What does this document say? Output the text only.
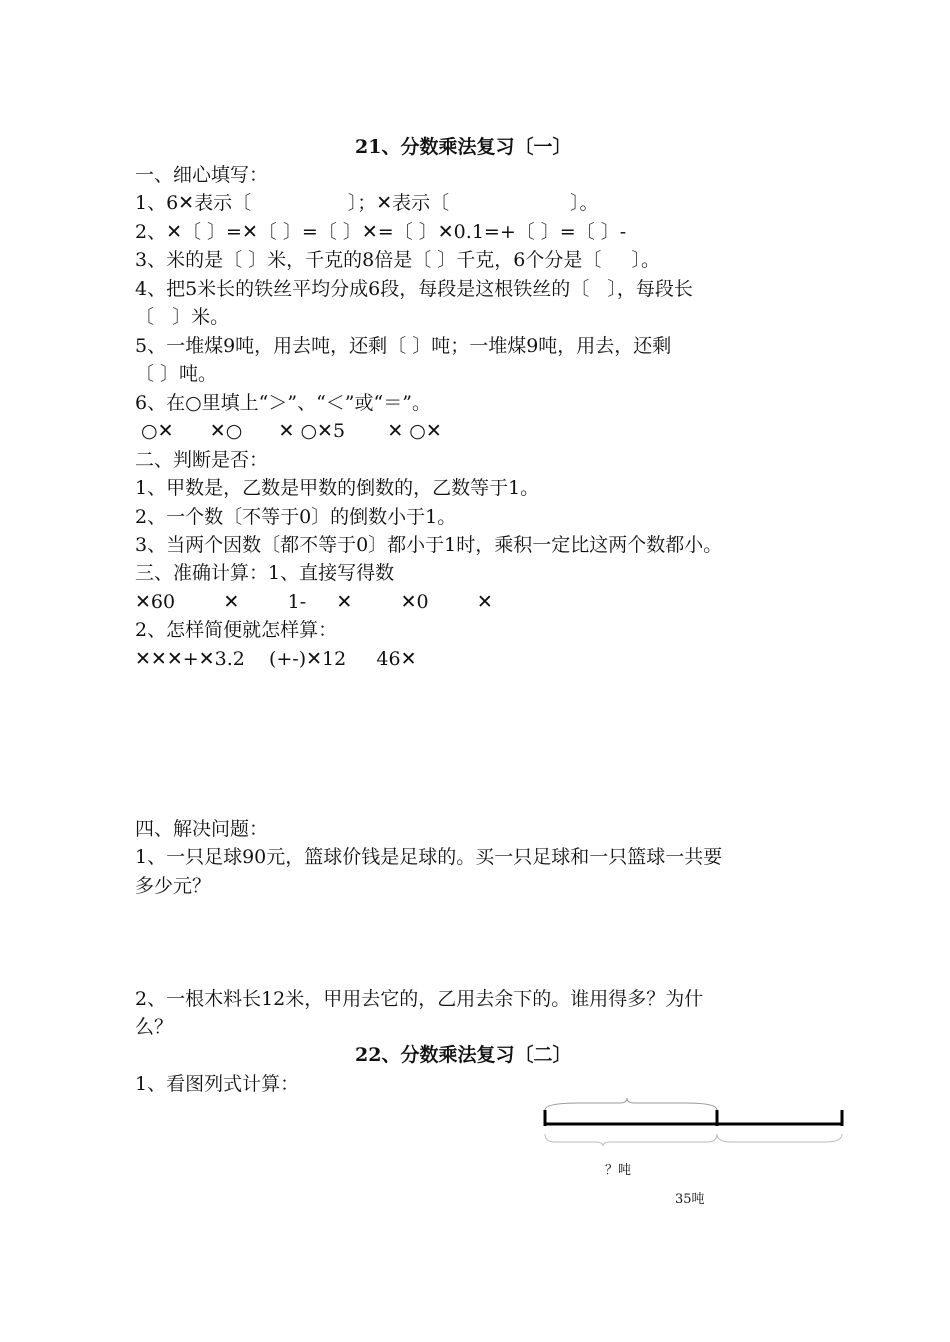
21、分数乘法复习〔一〕
一、细心填写：
1、6✕表示〔                〕；✕表示〔                    〕。
2、✕〔 〕=✕〔 〕=〔 〕✕=〔 〕✕0.1=+〔 〕=〔 〕-
3、米的是〔 〕米，千克的8倍是〔 〕千克，6个分是〔     〕。
4、把5米长的铁丝平均分成6段，每段是这根铁丝的〔   〕，每段长
〔   〕米。
5、一堆煤9吨，用去吨，还剩〔 〕吨；一堆煤9吨，用去，还剩
〔 〕吨。
6、在○里填上“＞”、“＜”或“＝”。
○✕      ✕○      ✕ ○✕5       ✕ ○✕
二、判断是否：
1、甲数是，乙数是甲数的倒数的，乙数等于1。
2、一个数〔不等于0〕的倒数小于1。
3、当两个因数〔都不等于0〕都小于1时，乘积一定比这两个数都小。
三、准确计算：1、直接写得数
✕60        ✕        1-     ✕        ✕0        ✕
2、怎样简便就怎样算：
✕✕✕+✕3.2    (+-)✕12     46✕
四、解决问题：
1、一只足球90元，篮球价钱是足球的。买一只足球和一只篮球一共要
多少元？
2、一根木料长12米，甲用去它的，乙用去余下的。谁用得多？为什
么？
22、分数乘法复习〔二〕
1、看图列式计算：
？吨
35吨
